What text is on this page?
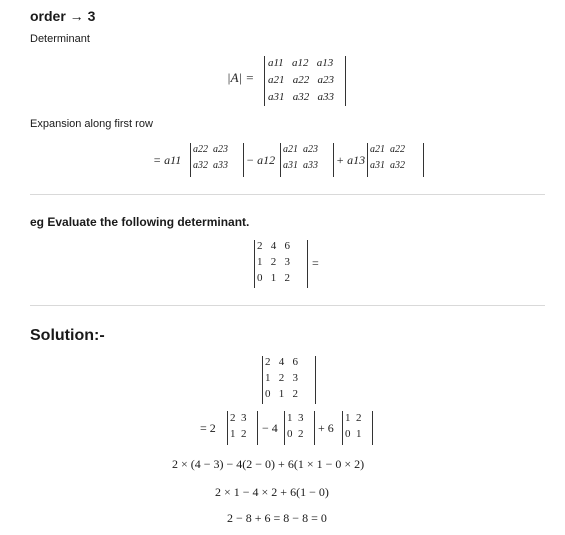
order → 3
Determinant
|A| =
a11 a12 a13
a21 a22 a23
a31 a32 a33
Expansion along first row
= a11
a22 a23
a32 a33 − a12
a21 a23
a31 a33 + a13
a21 a22
a31 a32
eg Evaluate the following determinant.
2 4 6
1 2 3
0 1 2
=
Solution:-
2 4 6
1 2 3
0 1 2
= 2
2 3
1 2 − 4
1 3
0 2 + 6
1 2
0 1
2 × (4 − 3) − 4(2 − 0) + 6(1 × 1 − 0 × 2)
2 × 1 − 4 × 2 + 6(1 − 0)
2 − 8 + 6 = 8 − 8 = 0
